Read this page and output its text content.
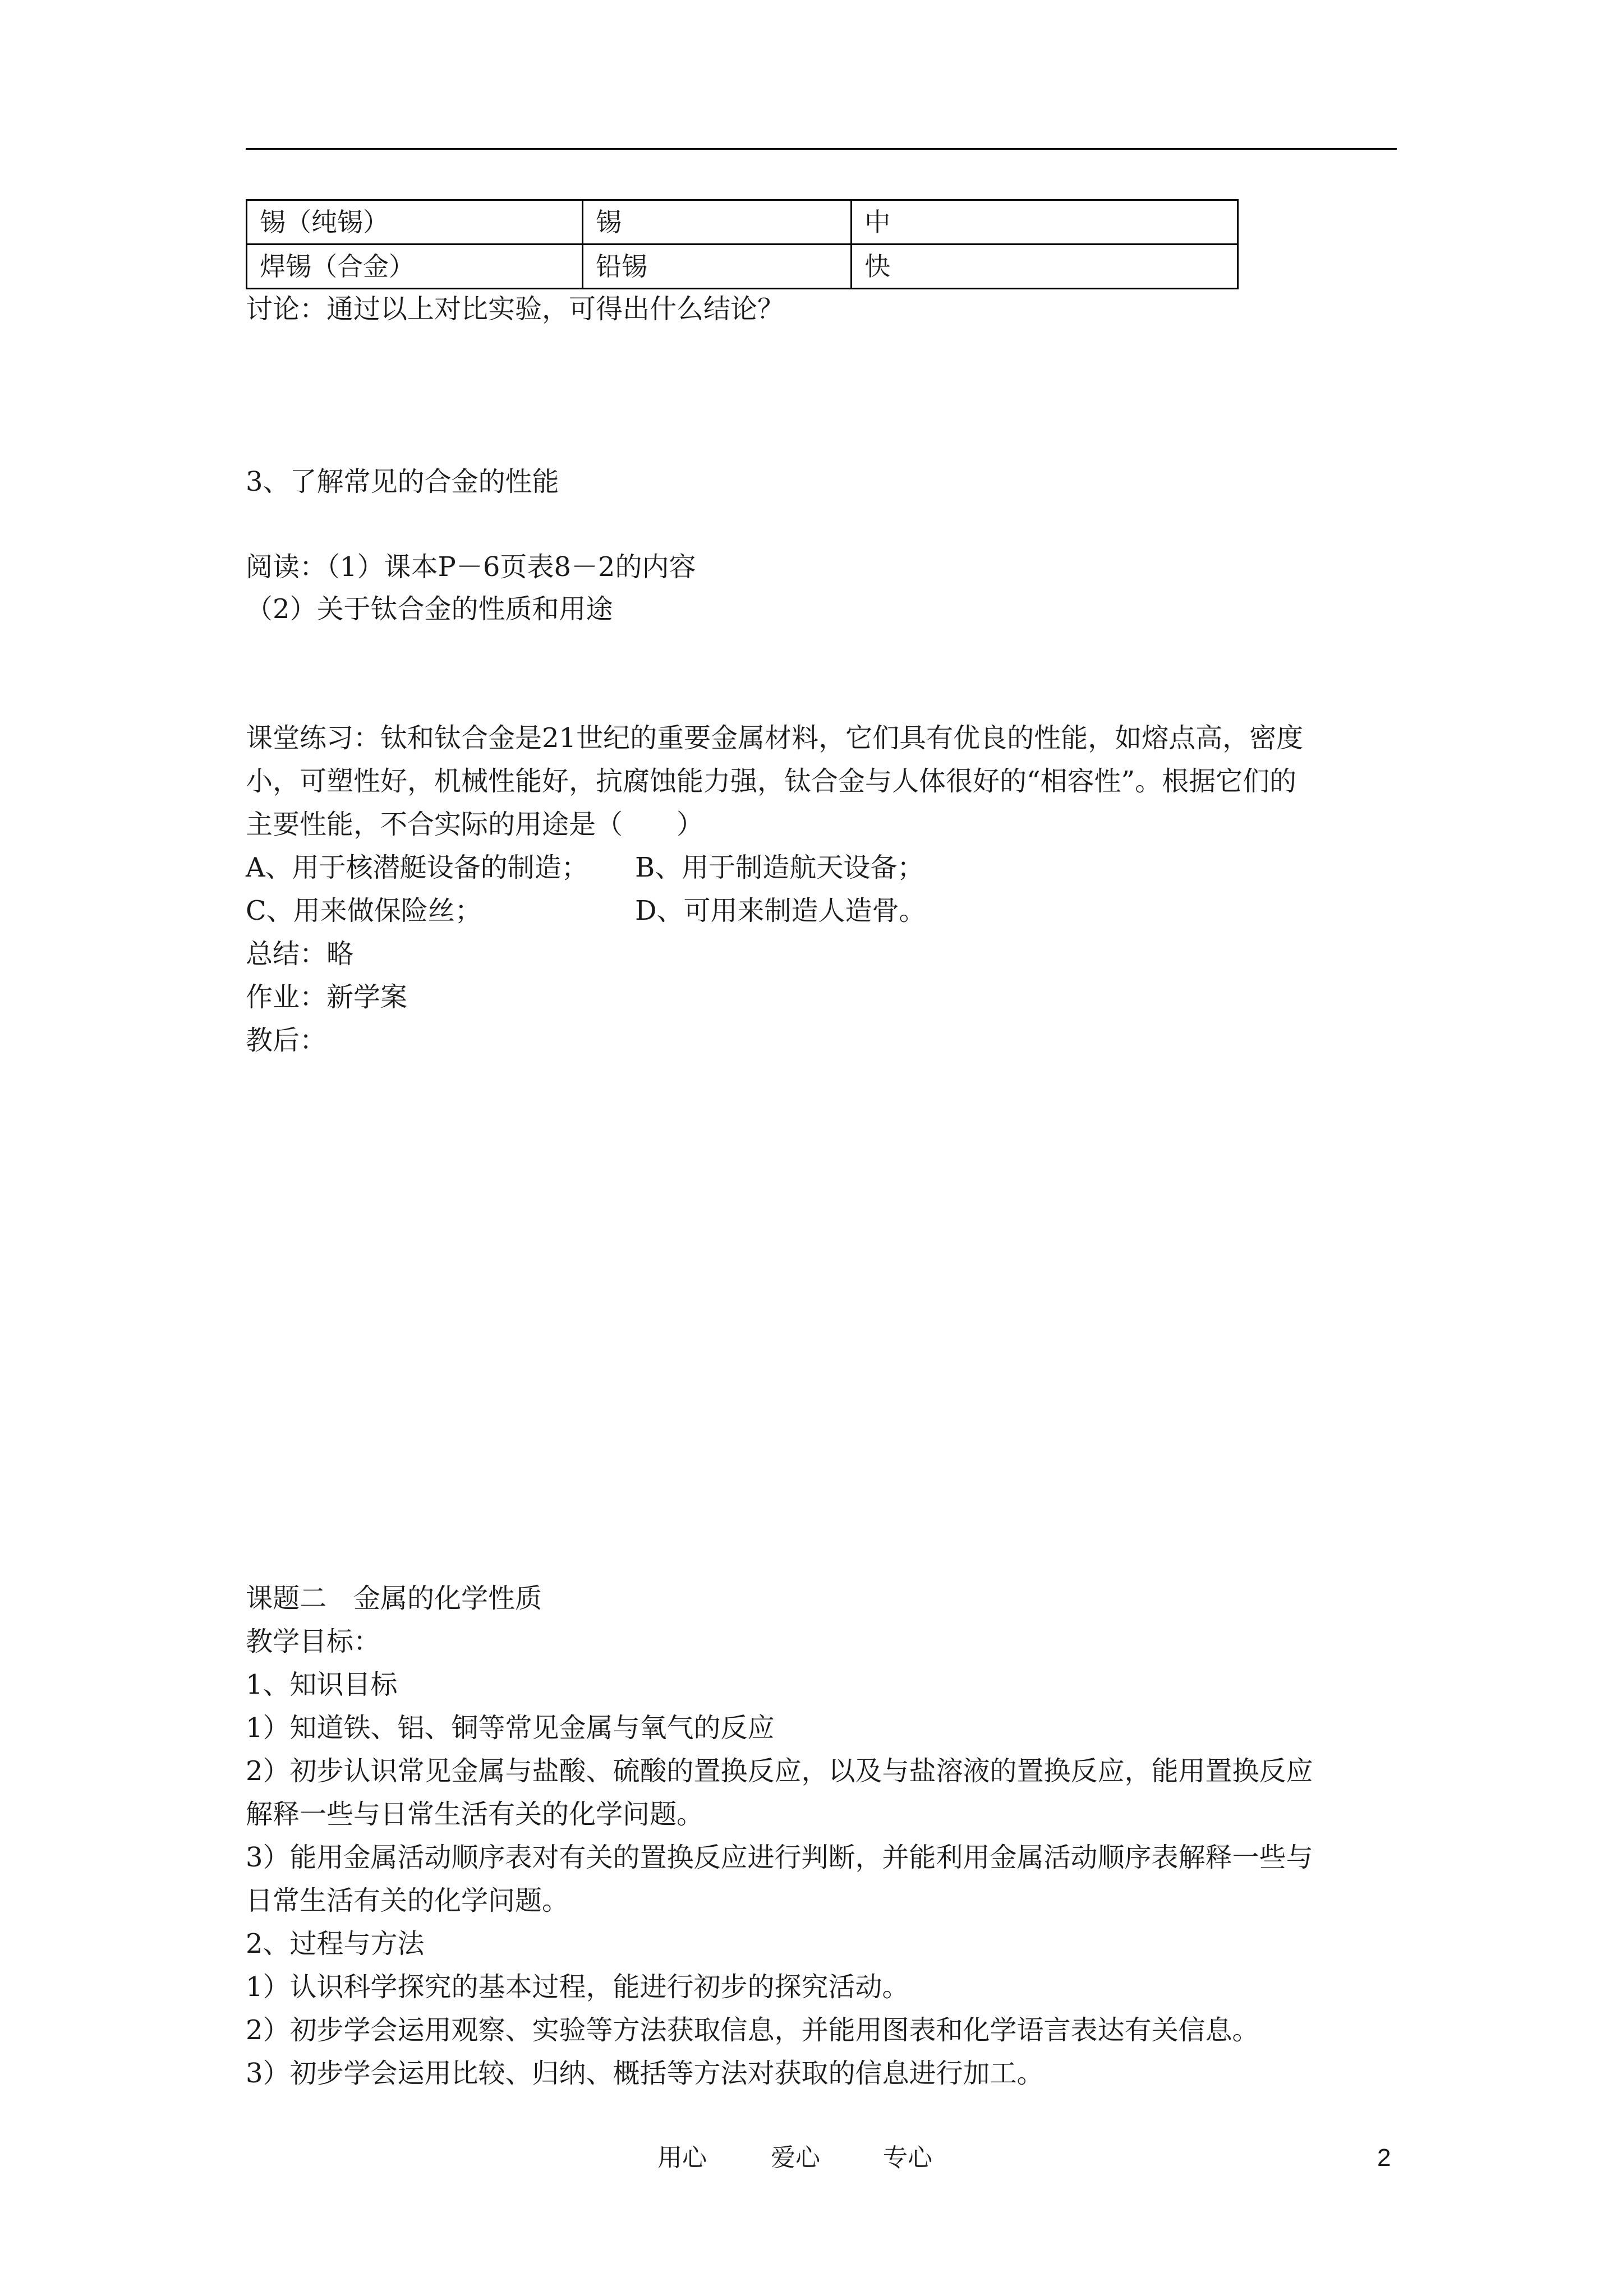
锡（纯锡）	锡	中
焊锡（合金）	铅锡	快
讨论：通过以上对比实验，可得出什么结论？
3、了解常见的合金的性能
阅读：（1）课本P－6页表8－2的内容
（2）关于钛合金的性质和用途
课堂练习：钛和钛合金是21世纪的重要金属材料，它们具有优良的性能，如熔点高，密度
小，可塑性好，机械性能好，抗腐蚀能力强，钛合金与人体很好的“相容性”。根据它们的
主要性能，不合实际的用途是（　　）
A、用于核潜艇设备的制造； B、用于制造航天设备；
C、用来做保险丝；	D、可用来制造人造骨。
总结：略
作业：新学案
教后：
课题二　金属的化学性质
教学目标：
1、知识目标
1）知道铁、铝、铜等常见金属与氧气的反应
2）初步认识常见金属与盐酸、硫酸的置换反应，以及与盐溶液的置换反应，能用置换反应
解释一些与日常生活有关的化学问题。
3）能用金属活动顺序表对有关的置换反应进行判断，并能利用金属活动顺序表解释一些与
日常生活有关的化学问题。
2、过程与方法
1）认识科学探究的基本过程，能进行初步的探究活动。
2）初步学会运用观察、实验等方法获取信息，并能用图表和化学语言表达有关信息。
3）初步学会运用比较、归纳、概括等方法对获取的信息进行加工。
用心	爱心	专心	2
